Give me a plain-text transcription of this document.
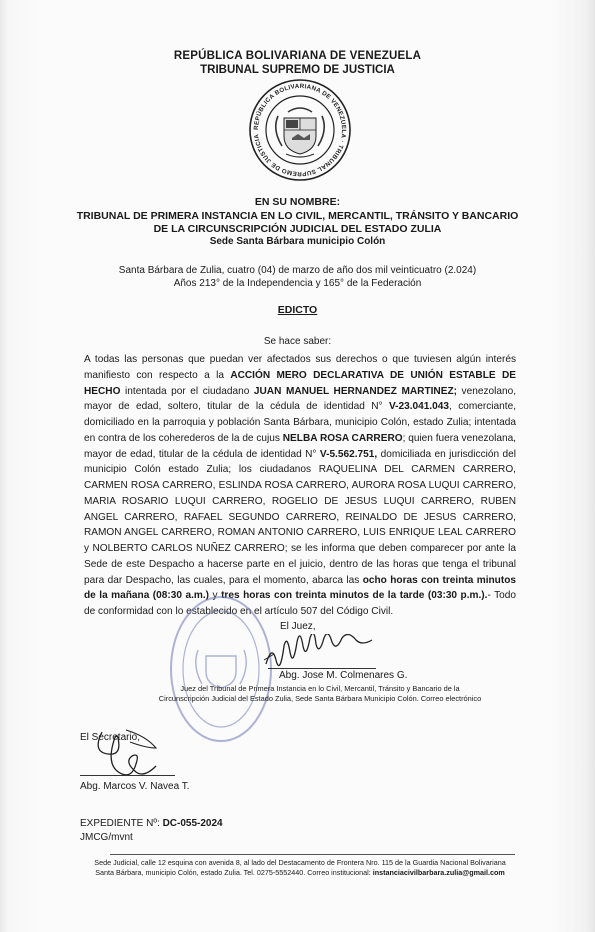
REPÚBLICA BOLIVARIANA DE VENEZUELA
TRIBUNAL SUPREMO DE JUSTICIA
REPÚBLICA BOLIVARIANA DE VENEZUELA · TRIBUNAL SUPREMO DE JUSTICIA
EN SU NOMBRE:
TRIBUNAL DE PRIMERA INSTANCIA EN LO CIVIL, MERCANTIL, TRÁNSITO Y BANCARIO
DE LA CIRCUNSCRIPCIÓN JUDICIAL DEL ESTADO ZULIA
Sede Santa Bárbara municipio Colón
Santa Bárbara de Zulia, cuatro (04) de marzo de año dos mil veinticuatro (2.024)
Años 213° de la Independencia y 165° de la Federación
EDICTO
Se hace saber:
A todas las personas que puedan ver afectados sus derechos o que tuviesen algún interés manifiesto con respecto a la ACCIÓN MERO DECLARATIVA DE UNIÓN ESTABLE DE HECHO intentada por el ciudadano JUAN MANUEL HERNANDEZ MARTINEZ; venezolano, mayor de edad, soltero, titular de la cédula de identidad N° V-23.041.043, comerciante, domiciliado en la parroquia y población Santa Bárbara, municipio Colón, estado Zulia; intentada en contra de los coherederos de la de cujus NELBA ROSA CARRERO; quien fuera venezolana, mayor de edad, titular de la cédula de identidad N° V-5.562.751, domiciliada en jurisdicción del municipio Colón estado Zulia; los ciudadanos RAQUELINA DEL CARMEN CARRERO, CARMEN ROSA CARRERO, ESLINDA ROSA CARRERO, AURORA ROSA LUQUI CARRERO, MARIA ROSARIO LUQUI CARRERO, ROGELIO DE JESUS LUQUI CARRERO, RUBEN ANGEL CARRERO, RAFAEL SEGUNDO CARRERO, REINALDO DE JESUS CARRERO, RAMON ANGEL CARRERO, ROMAN ANTONIO CARRERO, LUIS ENRIQUE LEAL CARRERO y NOLBERTO CARLOS NUÑEZ CARRERO; se les informa que deben comparecer por ante la Sede de este Despacho a hacerse parte en el juicio, dentro de las horas que tenga el tribunal para dar Despacho, las cuales, para el momento, abarca las ocho horas con treinta minutos de la mañana (08:30 a.m.) y tres horas con treinta minutos de la tarde (03:30 p.m.).- Todo de conformidad con lo establecido en el artículo 507 del Código Civil.
El Juez,
Abg. Jose M. Colmenares G.
Juez del Tribunal de Primera Instancia en lo Civil, Mercantil, Tránsito y Bancario de la
Circunscripción Judicial del Estado Zulia, Sede Santa Bárbara Municipio Colón. Correo electrónico
El Secretario,
Abg. Marcos V. Navea T.
EXPEDIENTE Nº: DC-055-2024
JMCG/mvnt
Sede Judicial, calle 12 esquina con avenida 8, al lado del Destacamento de Frontera Nro. 115 de la Guardia Nacional Bolivariana
Santa Bárbara, municipio Colón, estado Zulia. Tel. 0275-5552440. Correo institucional: instanciacivilbarbara.zulia@gmail.com
